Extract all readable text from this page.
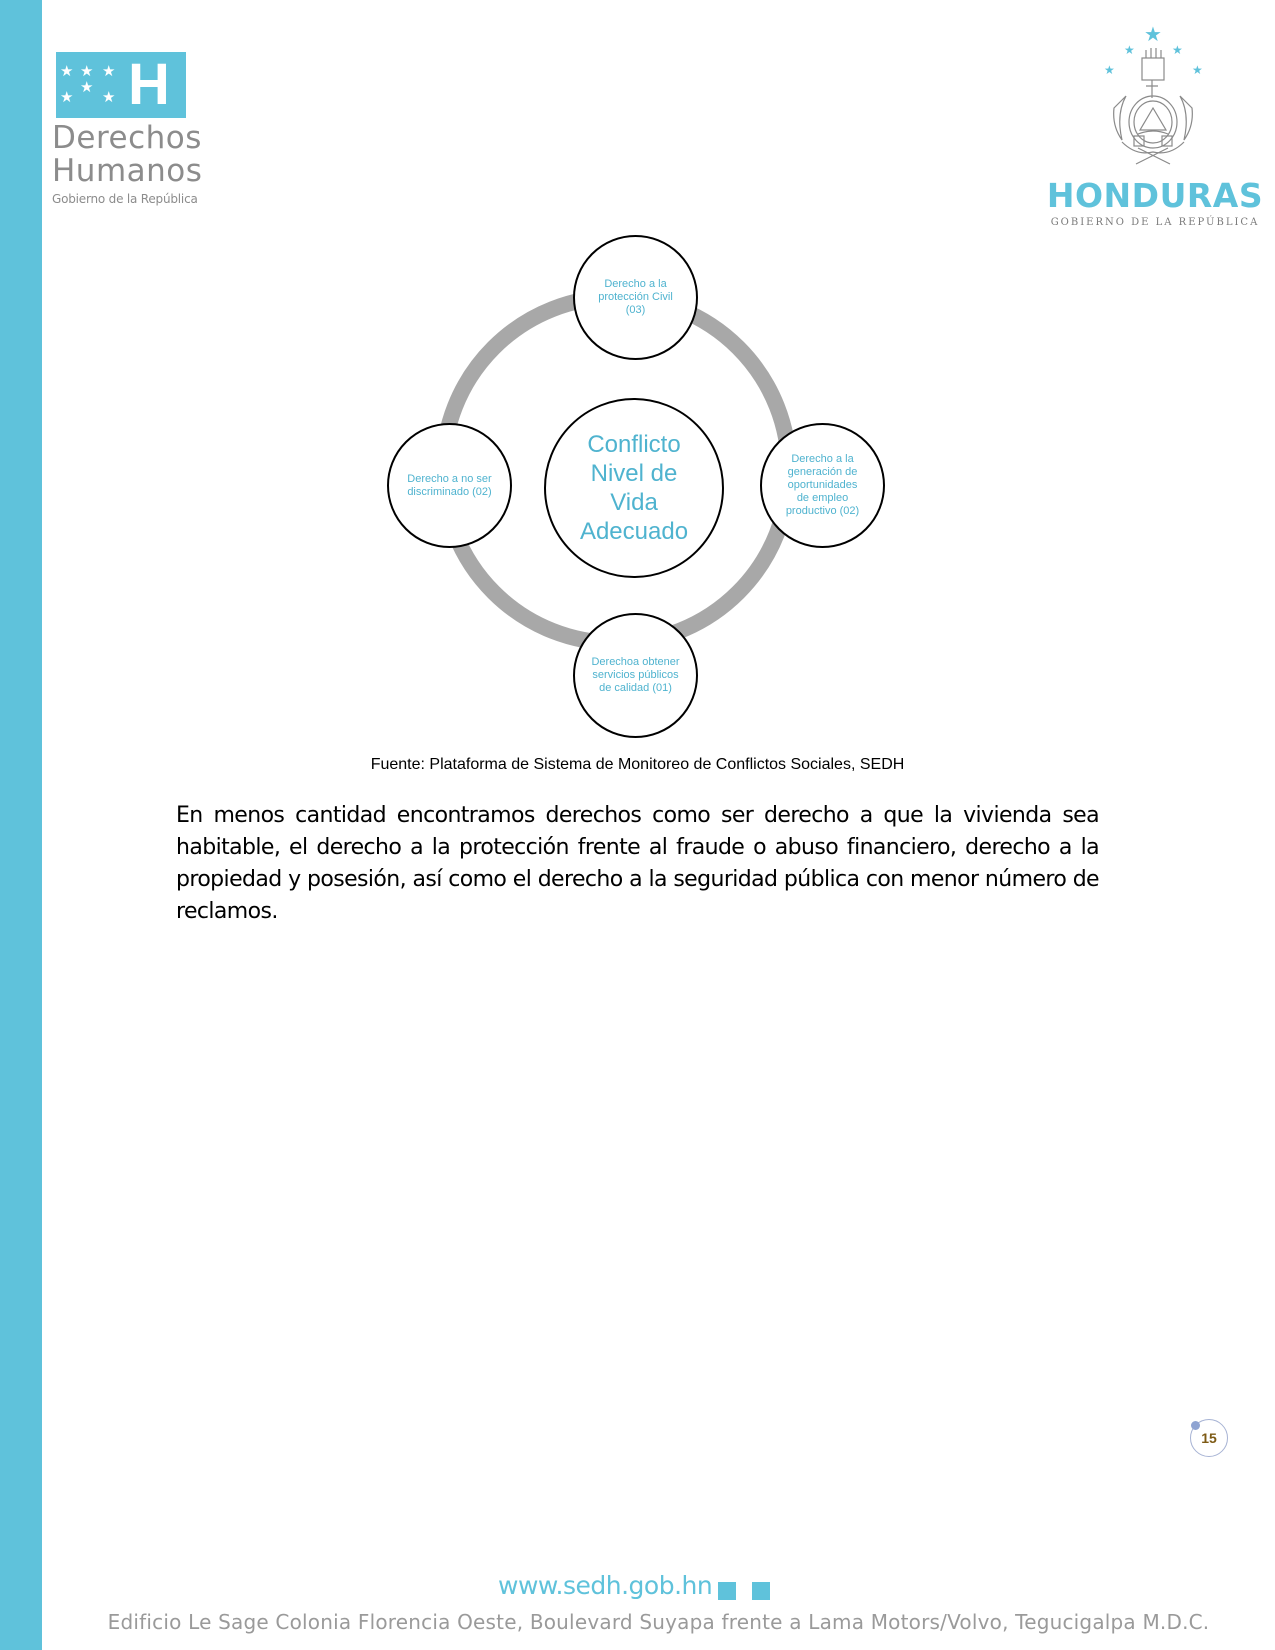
★ ★ ★
★
★
★ H
Derechos
Humanos
Gobierno de la República
★
★	★
★	★
HONDURAS
GOBIERNO DE LA REPÚBLICA
Conflicto Nivel de Vida Adecuado
Derecho a la protección Civil (03)
Derecho a la generación de oportunidades de empleo productivo (02)
Derechoa obtener servicios públicos de calidad (01)
Derecho a no ser discriminado (02)
Fuente: Plataforma de Sistema de Monitoreo de Conflictos Sociales, SEDH
En menos cantidad encontramos derechos como ser derecho a que la vivienda sea habitable, el derecho a la protección frente al fraude o abuso financiero, derecho a la propiedad y posesión, así como el derecho a la seguridad pública con menor número de reclamos.
15
www.sedh.gob.hn
Edificio Le Sage Colonia Florencia Oeste, Boulevard Suyapa frente a Lama Motors/Volvo, Tegucigalpa M.D.C.
